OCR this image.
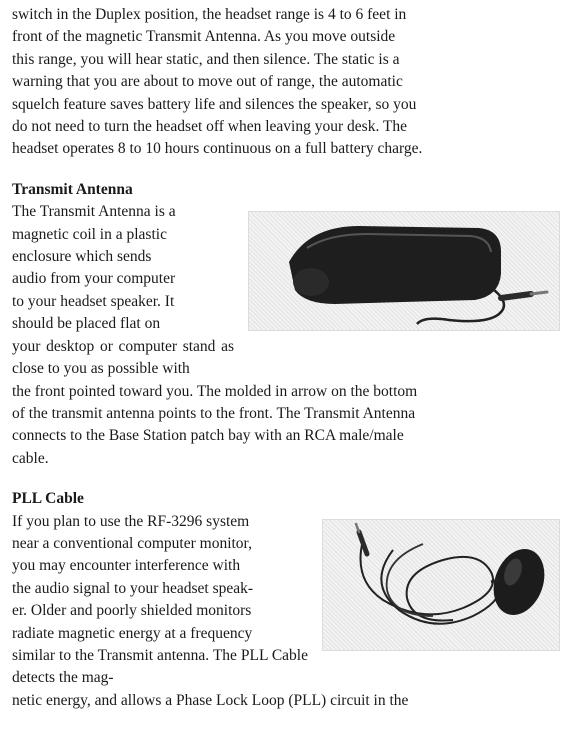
switch in the Duplex position, the headset range is 4 to 6 feet in
front of the magnetic Transmit Antenna. As you move outside
this range, you will hear static, and then silence. The static is a
warning that you are about to move out of range, the automatic
squelch feature saves battery life and silences the speaker, so you
do not need to turn the headset off when leaving your desk. The
headset operates 8 to 10 hours continuous on a full battery charge.

Transmit Antenna

The Transmit Antenna is a
magnetic coil in a plastic
enclosure which sends
audio from your computer
to your headset speaker. It
should be placed flat on
your desktop or computer stand as close to you as possible with
the front pointed toward you. The molded in arrow on the bottom
of the transmit antenna points to the front. The Transmit Antenna
connects to the Base Station patch bay with an RCA male/male
cable.

PLL Cable

If you plan to use the RF-3296 system
near a conventional computer monitor,
you may encounter interference with
the audio signal to your headset speak-
er. Older and poorly shielded monitors
radiate magnetic energy at a frequency
similar to the Transmit antenna. The PLL Cable detects the mag-
netic energy, and allows a Phase Lock Loop (PLL) circuit in the
